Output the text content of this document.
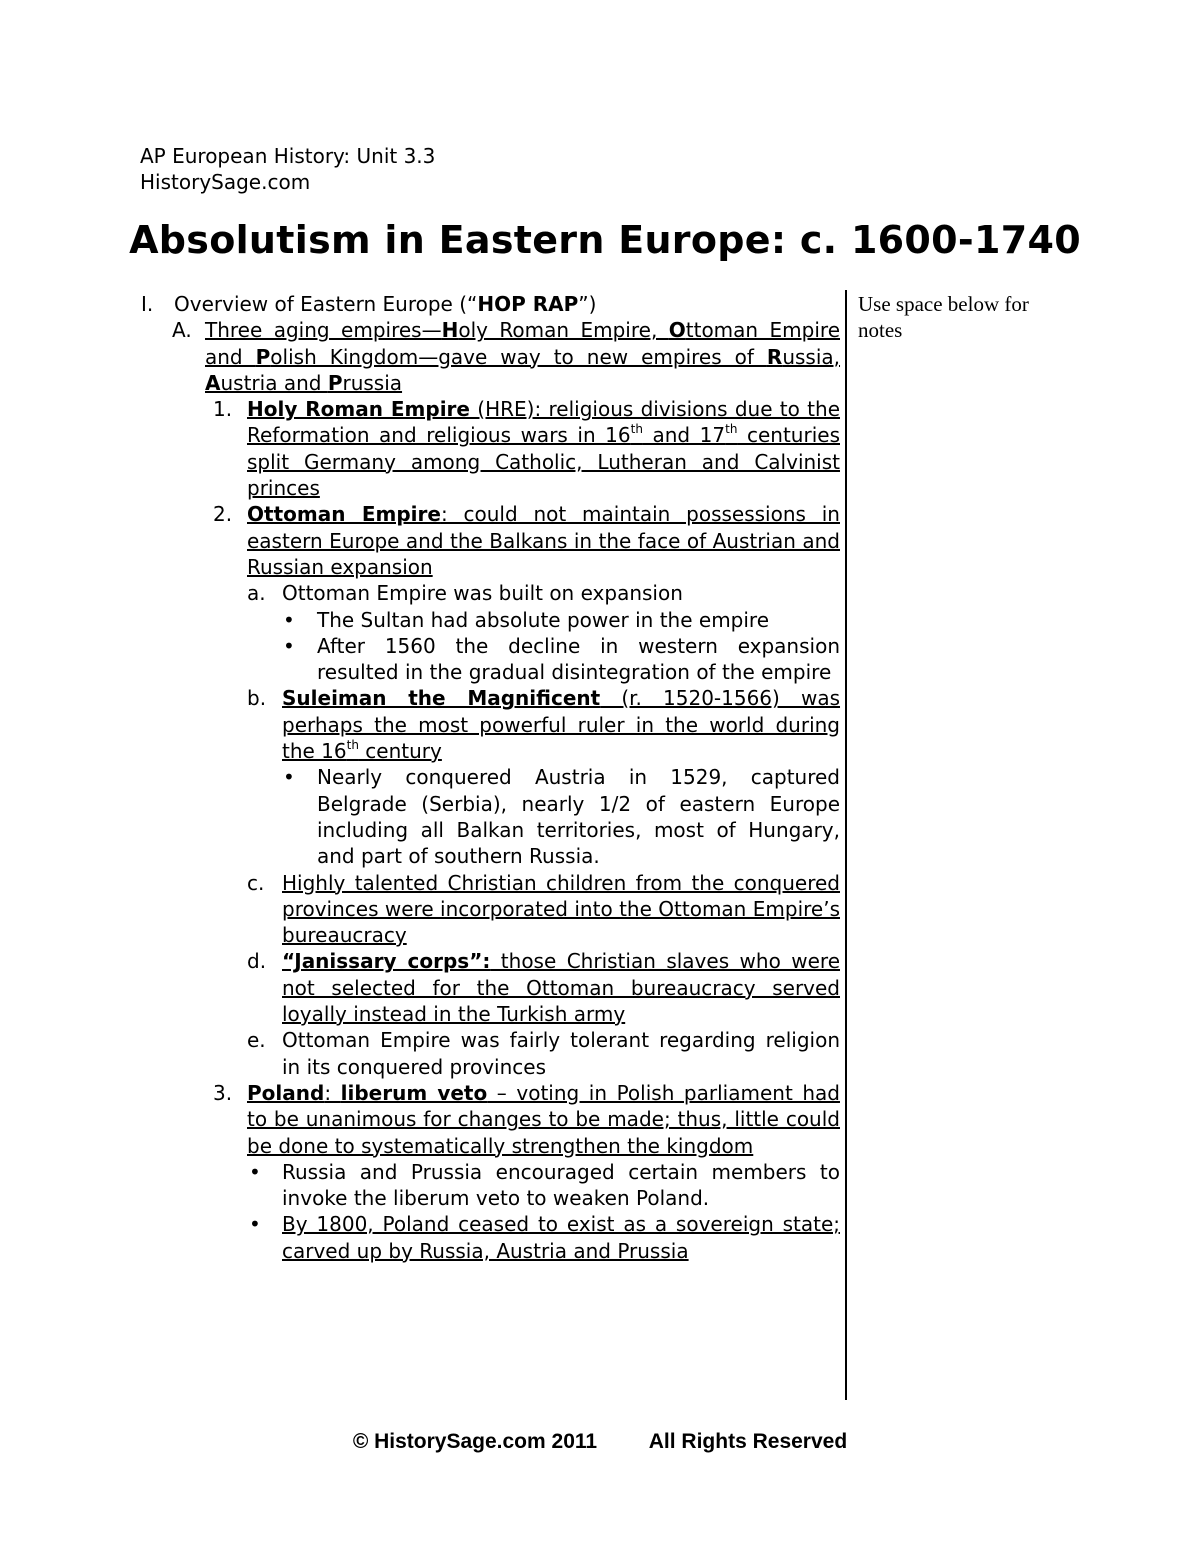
AP European History: Unit 3.3
HistorySage.com
Absolutism in Eastern Europe: c. 1600-1740
Use space below for notes
I. Overview of Eastern Europe (“HOP RAP”)
A. Three aging empires—Holy Roman Empire, Ottoman Empire and Polish Kingdom—gave way to new empires of Russia, Austria and Prussia
1. Holy Roman Empire (HRE): religious divisions due to the Reformation and religious wars in 16th and 17th centuries split Germany among Catholic, Lutheran and Calvinist princes
2. Ottoman Empire: could not maintain possessions in eastern Europe and the Balkans in the face of Austrian and Russian expansion
a. Ottoman Empire was built on expansion
• The Sultan had absolute power in the empire
• After 1560 the decline in western expansion resulted in the gradual disintegration of the empire
b. Suleiman the Magnificent (r. 1520-1566) was perhaps the most powerful ruler in the world during the 16th century
• Nearly conquered Austria in 1529, captured Belgrade (Serbia), nearly 1/2 of eastern Europe including all Balkan territories, most of Hungary, and part of southern Russia.
c. Highly talented Christian children from the conquered provinces were incorporated into the Ottoman Empire’s bureaucracy
d. “Janissary corps”: those Christian slaves who were not selected for the Ottoman bureaucracy served loyally instead in the Turkish army
e. Ottoman Empire was fairly tolerant regarding religion in its conquered provinces
3. Poland: liberum veto – voting in Polish parliament had to be unanimous for changes to be made; thus, little could be done to systematically strengthen the kingdom
• Russia and Prussia encouraged certain members to invoke the liberum veto to weaken Poland.
• By 1800, Poland ceased to exist as a sovereign state; carved up by Russia, Austria and Prussia
© HistorySage.com 2011 All Rights Reserved
